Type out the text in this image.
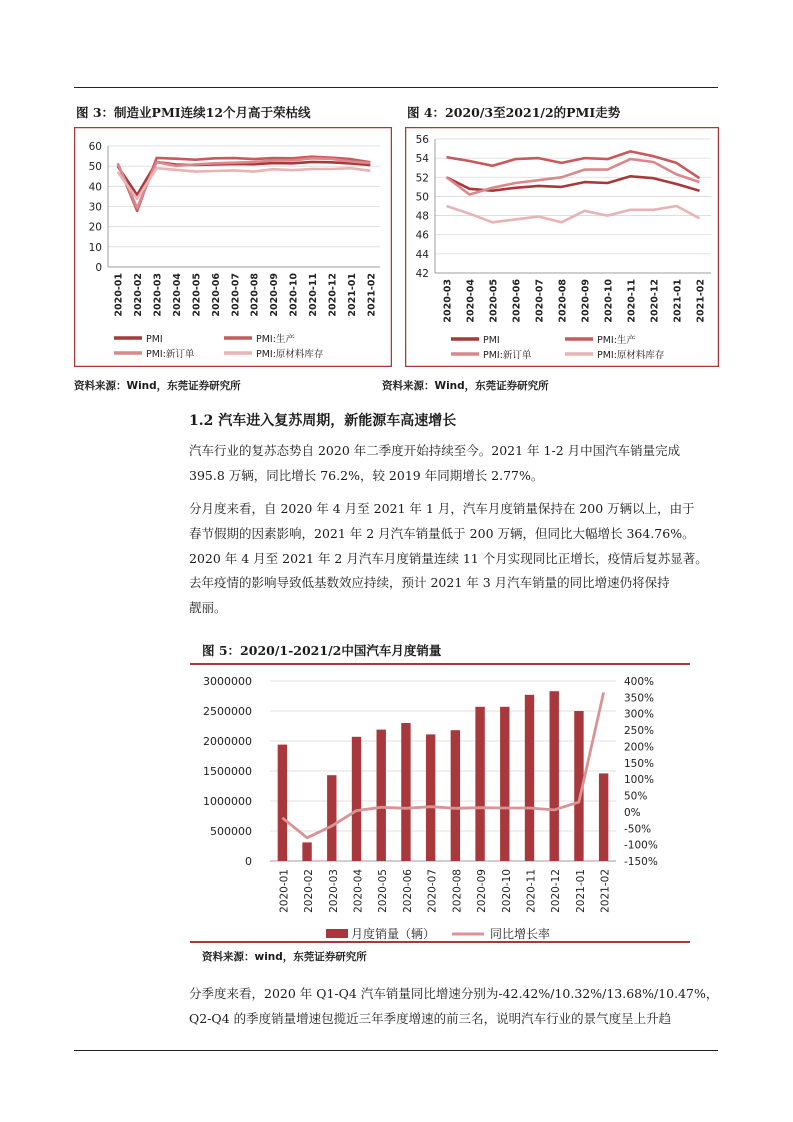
图 3：制造业PMI连续12个月高于荣枯线
0
10
20
30
40
50
60
2020-01 2020-02 2020-03 2020-04 2020-05 2020-06 2020-07 2020-08 2020-09 2020-10 2020-11 2020-12 2021-01 2021-02
PMI	PMI:生产
PMI:新订单	PMI:原材料库存
资料来源：Wind，东莞证券研究所
图 4：2020/3至2021/2的PMI走势
42
44
46
48
50
52
54
56
2020-03 2020-04 2020-05 2020-06 2020-07 2020-08 2020-09 2020-10 2020-11 2020-12 2021-01 2021-02
PMI	PMI:生产
PMI:新订单	PMI:原材料库存
资料来源：Wind，东莞证券研究所
1.2 汽车进入复苏周期，新能源车高速增长
汽车行业的复苏态势自 2020 年二季度开始持续至今。2021 年 1-2 月中国汽车销量完成
395.8 万辆，同比增长 76.2%，较 2019 年同期增长 2.77%。
分月度来看，自 2020 年 4 月至 2021 年 1 月，汽车月度销量保持在 200 万辆以上，由于
春节假期的因素影响，2021 年 2 月汽车销量低于 200 万辆，但同比大幅增长 364.76%。
2020 年 4 月至 2021 年 2 月汽车月度销量连续 11 个月实现同比正增长，疫情后复苏显著。
去年疫情的影响导致低基数效应持续，预计 2021 年 3 月汽车销量的同比增速仍将保持
靓丽。
图 5：2020/1-2021/2中国汽车月度销量
0
500000
1000000
1500000
2000000
2500000
3000000
-150%
-100%
-50%
0%
50%
100%
150%
200%
250%
300%
350%
400%
2020-01 2020-02 2020-03 2020-04 2020-05 2020-06 2020-07 2020-08 2020-09 2020-10 2020-11 2020-12 2021-01 2021-02
月度销量（辆）	同比增长率
资料来源：wind，东莞证券研究所
分季度来看，2020 年 Q1-Q4 汽车销量同比增速分别为-42.42%/10.32%/13.68%/10.47%，
Q2-Q4 的季度销量增速包揽近三年季度增速的前三名，说明汽车行业的景气度呈上升趋
